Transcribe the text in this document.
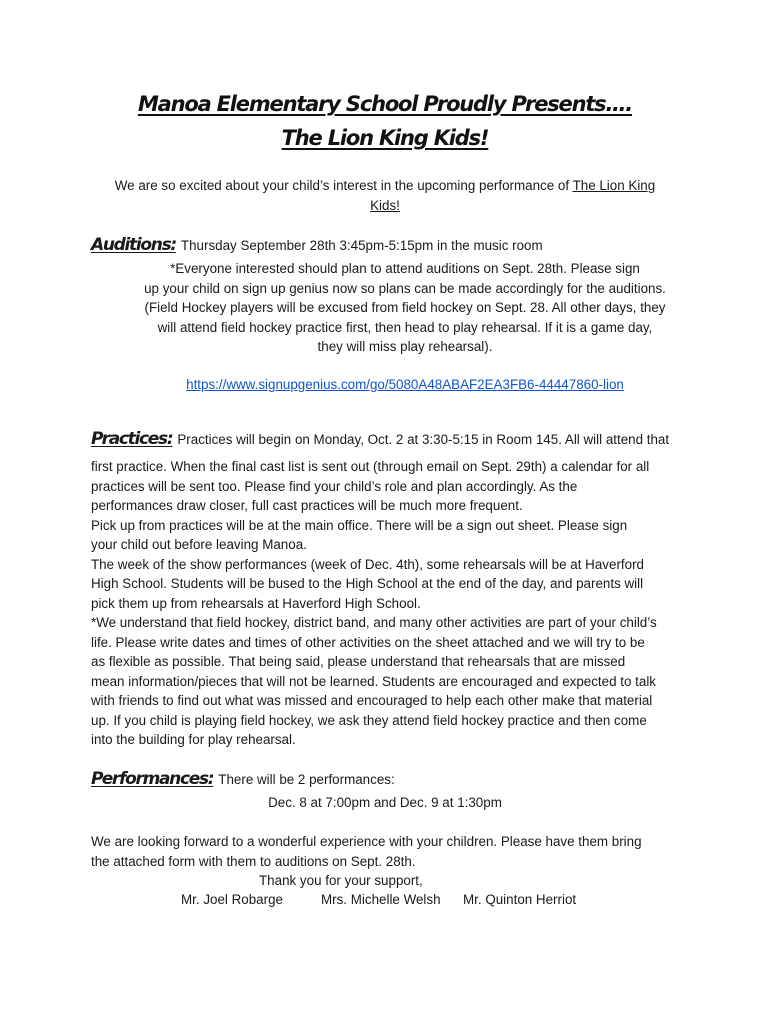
Manoa Elementary School Proudly Presents….
The Lion King Kids!
We are so excited about your child’s interest in the upcoming performance of The Lion King
Kids!
Auditions: Thursday September 28th 3:45pm-5:15pm in the music room
*Everyone interested should plan to attend auditions on Sept. 28th. Please sign
up your child on sign up genius now so plans can be made accordingly for the auditions.
(Field Hockey players will be excused from field hockey on Sept. 28. All other days, they
will attend field hockey practice first, then head to play rehearsal. If it is a game day,
they will miss play rehearsal).
https://www.signupgenius.com/go/5080A48ABAF2EA3FB6-44447860-lion
Practices: Practices will begin on Monday, Oct. 2 at 3:30-5:15 in Room 145. All will attend that
first practice. When the final cast list is sent out (through email on Sept. 29th) a calendar for all
practices will be sent too. Please find your child’s role and plan accordingly. As the
performances draw closer, full cast practices will be much more frequent.
Pick up from practices will be at the main office. There will be a sign out sheet. Please sign
your child out before leaving Manoa.
The week of the show performances (week of Dec. 4th), some rehearsals will be at Haverford
High School. Students will be bused to the High School at the end of the day, and parents will
pick them up from rehearsals at Haverford High School.
*We understand that field hockey, district band, and many other activities are part of your child’s
life. Please write dates and times of other activities on the sheet attached and we will try to be
as flexible as possible. That being said, please understand that rehearsals that are missed
mean information/pieces that will not be learned. Students are encouraged and expected to talk
with friends to find out what was missed and encouraged to help each other make that material
up. If you child is playing field hockey, we ask they attend field hockey practice and then come
into the building for play rehearsal.
Performances: There will be 2 performances:
Dec. 8 at 7:00pm and Dec. 9 at 1:30pm
We are looking forward to a wonderful experience with your children. Please have them bring
the attached form with them to auditions on Sept. 28th.
Thank you for your support,
Mr. Joel Robarge	Mrs. Michelle Welsh Mr. Quinton Herriot
